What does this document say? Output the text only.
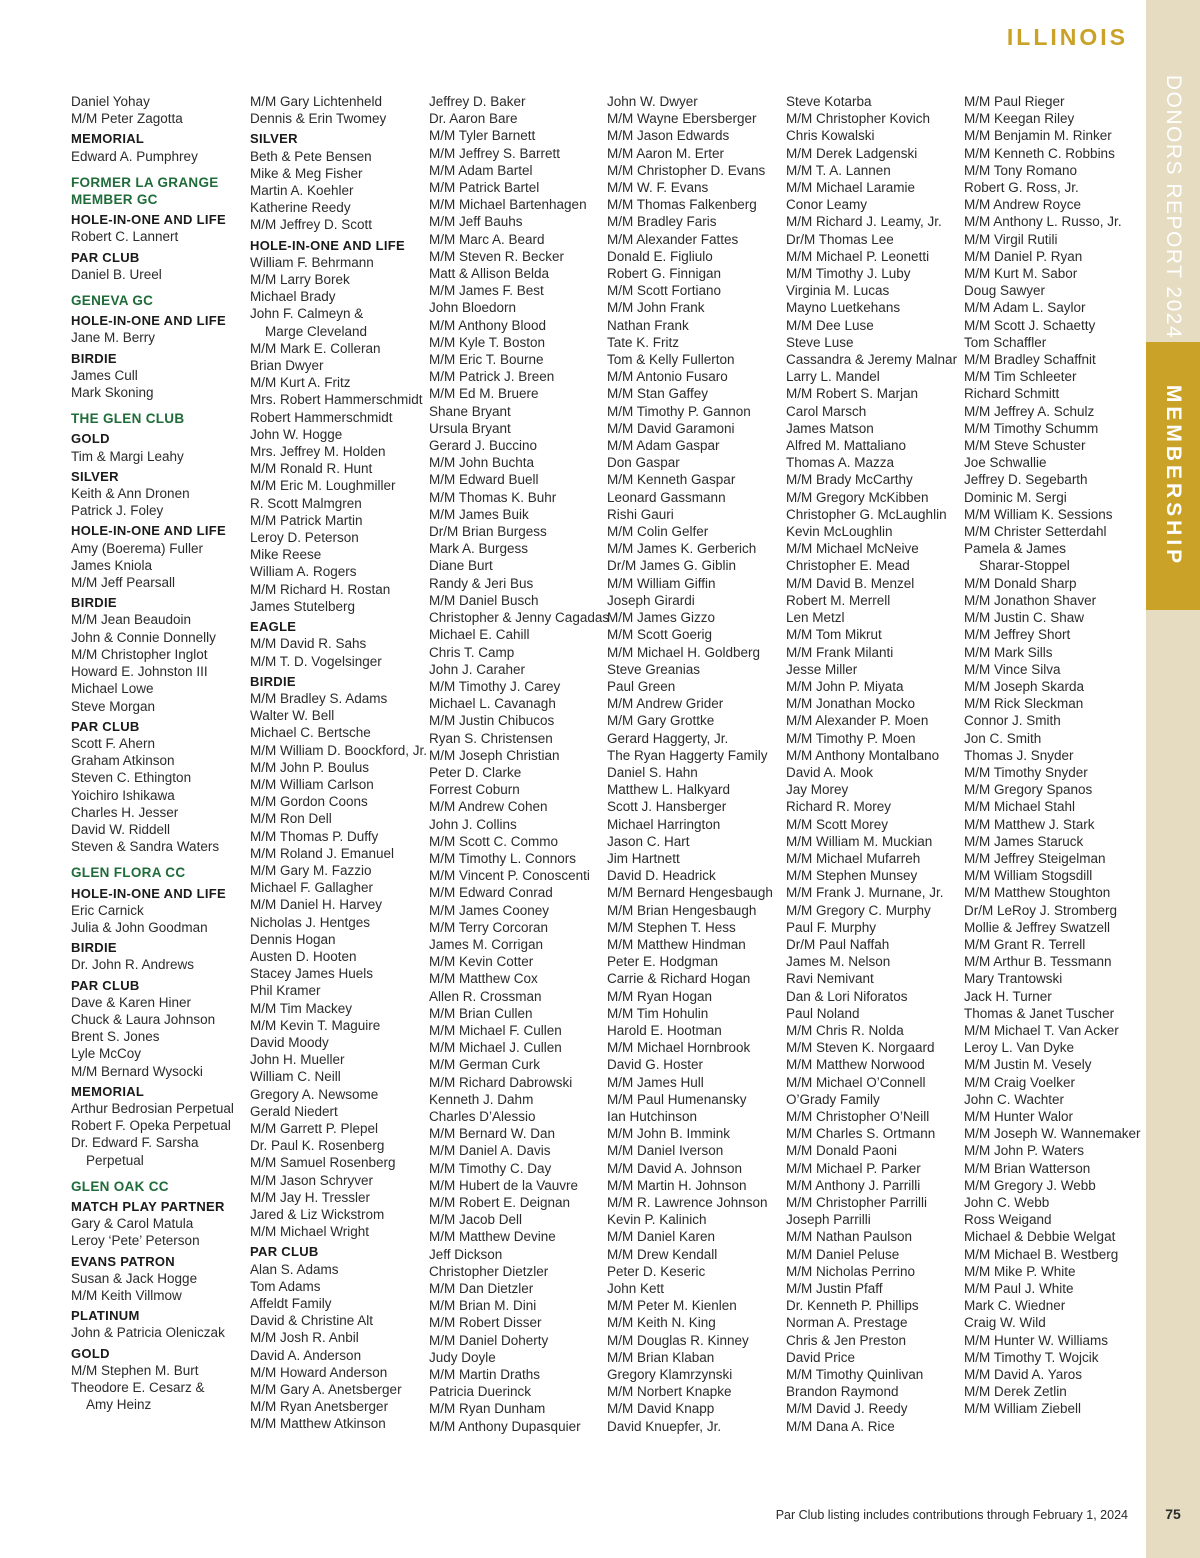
ILLINOIS
DONORS REPORT 2024
MEMBERSHIP
75
Daniel Yohay
M/M Peter Zagotta
MEMORIAL
Edward A. Pumphrey
FORMER LA GRANGE
MEMBER GC
HOLE-IN-ONE AND LIFE
Robert C. Lannert
PAR CLUB
Daniel B. Ureel
GENEVA GC
HOLE-IN-ONE AND LIFE
Jane M. Berry
BIRDIE
James Cull
Mark Skoning
THE GLEN CLUB
GOLD
Tim & Margi Leahy
SILVER
Keith & Ann Dronen
Patrick J. Foley
HOLE-IN-ONE AND LIFE
Amy (Boerema) Fuller
James Kniola
M/M Jeff Pearsall
BIRDIE
M/M Jean Beaudoin
John & Connie Donnelly
M/M Christopher Inglot
Howard E. Johnston III
Michael Lowe
Steve Morgan
PAR CLUB
Scott F. Ahern
Graham Atkinson
Steven C. Ethington
Yoichiro Ishikawa
Charles H. Jesser
David W. Riddell
Steven & Sandra Waters
GLEN FLORA CC
HOLE-IN-ONE AND LIFE
Eric Carnick
Julia & John Goodman
BIRDIE
Dr. John R. Andrews
PAR CLUB
Dave & Karen Hiner
Chuck & Laura Johnson
Brent S. Jones
Lyle McCoy
M/M Bernard Wysocki
MEMORIAL
Arthur Bedrosian Perpetual
Robert F. Opeka Perpetual
Dr. Edward F. Sarsha
Perpetual
GLEN OAK CC
MATCH PLAY PARTNER
Gary & Carol Matula
Leroy ‘Pete’ Peterson
EVANS PATRON
Susan & Jack Hogge
M/M Keith Villmow
PLATINUM
John & Patricia Oleniczak
GOLD
M/M Stephen M. Burt
Theodore E. Cesarz &
Amy Heinz
M/M Gary Lichtenheld
Dennis & Erin Twomey
SILVER
Beth & Pete Bensen
Mike & Meg Fisher
Martin A. Koehler
Katherine Reedy
M/M Jeffrey D. Scott
HOLE-IN-ONE AND LIFE
William F. Behrmann
M/M Larry Borek
Michael Brady
John F. Calmeyn &
Marge Cleveland
M/M Mark E. Colleran
Brian Dwyer
M/M Kurt A. Fritz
Mrs. Robert Hammerschmidt
Robert Hammerschmidt
John W. Hogge
Mrs. Jeffrey M. Holden
M/M Ronald R. Hunt
M/M Eric M. Loughmiller
R. Scott Malmgren
M/M Patrick Martin
Leroy D. Peterson
Mike Reese
William A. Rogers
M/M Richard H. Rostan
James Stutelberg
EAGLE
M/M David R. Sahs
M/M T. D. Vogelsinger
BIRDIE
M/M Bradley S. Adams
Walter W. Bell
Michael C. Bertsche
M/M William D. Boockford, Jr.
M/M John P. Boulus
M/M William Carlson
M/M Gordon Coons
M/M Ron Dell
M/M Thomas P. Duffy
M/M Roland J. Emanuel
M/M Gary M. Fazzio
Michael F. Gallagher
M/M Daniel H. Harvey
Nicholas J. Hentges
Dennis Hogan
Austen D. Hooten
Stacey James Huels
Phil Kramer
M/M Tim Mackey
M/M Kevin T. Maguire
David Moody
John H. Mueller
William C. Neill
Gregory A. Newsome
Gerald Niedert
M/M Garrett P. Plepel
Dr. Paul K. Rosenberg
M/M Samuel Rosenberg
M/M Jason Schryver
M/M Jay H. Tressler
Jared & Liz Wickstrom
M/M Michael Wright
PAR CLUB
Alan S. Adams
Tom Adams
Affeldt Family
David & Christine Alt
M/M Josh R. Anbil
David A. Anderson
M/M Howard Anderson
M/M Gary A. Anetsberger
M/M Ryan Anetsberger
M/M Matthew Atkinson
Jeffrey D. Baker
Dr. Aaron Bare
M/M Tyler Barnett
M/M Jeffrey S. Barrett
M/M Adam Bartel
M/M Patrick Bartel
M/M Michael Bartenhagen
M/M Jeff Bauhs
M/M Marc A. Beard
M/M Steven R. Becker
Matt & Allison Belda
M/M James F. Best
John Bloedorn
M/M Anthony Blood
M/M Kyle T. Boston
M/M Eric T. Bourne
M/M Patrick J. Breen
M/M Ed M. Bruere
Shane Bryant
Ursula Bryant
Gerard J. Buccino
M/M John Buchta
M/M Edward Buell
M/M Thomas K. Buhr
M/M James Buik
Dr/M Brian Burgess
Mark A. Burgess
Diane Burt
Randy & Jeri Bus
M/M Daniel Busch
Christopher & Jenny Cagadas
Michael E. Cahill
Chris T. Camp
John J. Caraher
M/M Timothy J. Carey
Michael L. Cavanagh
M/M Justin Chibucos
Ryan S. Christensen
M/M Joseph Christian
Peter D. Clarke
Forrest Coburn
M/M Andrew Cohen
John J. Collins
M/M Scott C. Commo
M/M Timothy L. Connors
M/M Vincent P. Conoscenti
M/M Edward Conrad
M/M James Cooney
M/M Terry Corcoran
James M. Corrigan
M/M Kevin Cotter
M/M Matthew Cox
Allen R. Crossman
M/M Brian Cullen
M/M Michael F. Cullen
M/M Michael J. Cullen
M/M German Curk
M/M Richard Dabrowski
Kenneth J. Dahm
Charles D’Alessio
M/M Bernard W. Dan
M/M Daniel A. Davis
M/M Timothy C. Day
M/M Hubert de la Vauvre
M/M Robert E. Deignan
M/M Jacob Dell
M/M Matthew Devine
Jeff Dickson
Christopher Dietzler
M/M Dan Dietzler
M/M Brian M. Dini
M/M Robert Disser
M/M Daniel Doherty
Judy Doyle
M/M Martin Draths
Patricia Duerinck
M/M Ryan Dunham
M/M Anthony Dupasquier
John W. Dwyer
M/M Wayne Ebersberger
M/M Jason Edwards
M/M Aaron M. Erter
M/M Christopher D. Evans
M/M W. F. Evans
M/M Thomas Falkenberg
M/M Bradley Faris
M/M Alexander Fattes
Donald E. Figliulo
Robert G. Finnigan
M/M Scott Fortiano
M/M John Frank
Nathan Frank
Tate K. Fritz
Tom & Kelly Fullerton
M/M Antonio Fusaro
M/M Stan Gaffey
M/M Timothy P. Gannon
M/M David Garamoni
M/M Adam Gaspar
Don Gaspar
M/M Kenneth Gaspar
Leonard Gassmann
Rishi Gauri
M/M Colin Gelfer
M/M James K. Gerberich
Dr/M James G. Giblin
M/M William Giffin
Joseph Girardi
M/M James Gizzo
M/M Scott Goerig
M/M Michael H. Goldberg
Steve Greanias
Paul Green
M/M Andrew Grider
M/M Gary Grottke
Gerard Haggerty, Jr.
The Ryan Haggerty Family
Daniel S. Hahn
Matthew L. Halkyard
Scott J. Hansberger
Michael Harrington
Jason C. Hart
Jim Hartnett
David D. Headrick
M/M Bernard Hengesbaugh
M/M Brian Hengesbaugh
M/M Stephen T. Hess
M/M Matthew Hindman
Peter E. Hodgman
Carrie & Richard Hogan
M/M Ryan Hogan
M/M Tim Hohulin
Harold E. Hootman
M/M Michael Hornbrook
David G. Hoster
M/M James Hull
M/M Paul Humenansky
Ian Hutchinson
M/M John B. Immink
M/M Daniel Iverson
M/M David A. Johnson
M/M Martin H. Johnson
M/M R. Lawrence Johnson
Kevin P. Kalinich
M/M Daniel Karen
M/M Drew Kendall
Peter D. Keseric
John Kett
M/M Peter M. Kienlen
M/M Keith N. King
M/M Douglas R. Kinney
M/M Brian Klaban
Gregory Klamrzynski
M/M Norbert Knapke
M/M David Knapp
David Knuepfer, Jr.
Steve Kotarba
M/M Christopher Kovich
Chris Kowalski
M/M Derek Ladgenski
M/M T. A. Lannen
M/M Michael Laramie
Conor Leamy
M/M Richard J. Leamy, Jr.
Dr/M Thomas Lee
M/M Michael P. Leonetti
M/M Timothy J. Luby
Virginia M. Lucas
Mayno Luetkehans
M/M Dee Luse
Steve Luse
Cassandra & Jeremy Malnar
Larry L. Mandel
M/M Robert S. Marjan
Carol Marsch
James Matson
Alfred M. Mattaliano
Thomas A. Mazza
M/M Brady McCarthy
M/M Gregory McKibben
Christopher G. McLaughlin
Kevin McLoughlin
M/M Michael McNeive
Christopher E. Mead
M/M David B. Menzel
Robert M. Merrell
Len Metzl
M/M Tom Mikrut
M/M Frank Milanti
Jesse Miller
M/M John P. Miyata
M/M Jonathan Mocko
M/M Alexander P. Moen
M/M Timothy P. Moen
M/M Anthony Montalbano
David A. Mook
Jay Morey
Richard R. Morey
M/M Scott Morey
M/M William M. Muckian
M/M Michael Mufarreh
M/M Stephen Munsey
M/M Frank J. Murnane, Jr.
M/M Gregory C. Murphy
Paul F. Murphy
Dr/M Paul Naffah
James M. Nelson
Ravi Nemivant
Dan & Lori Niforatos
Paul Noland
M/M Chris R. Nolda
M/M Steven K. Norgaard
M/M Matthew Norwood
M/M Michael O’Connell
O’Grady Family
M/M Christopher O’Neill
M/M Charles S. Ortmann
M/M Donald Paoni
M/M Michael P. Parker
M/M Anthony J. Parrilli
M/M Christopher Parrilli
Joseph Parrilli
M/M Nathan Paulson
M/M Daniel Peluse
M/M Nicholas Perrino
M/M Justin Pfaff
Dr. Kenneth P. Phillips
Norman A. Prestage
Chris & Jen Preston
David Price
M/M Timothy Quinlivan
Brandon Raymond
M/M David J. Reedy
M/M Dana A. Rice
M/M Paul Rieger
M/M Keegan Riley
M/M Benjamin M. Rinker
M/M Kenneth C. Robbins
M/M Tony Romano
Robert G. Ross, Jr.
M/M Andrew Royce
M/M Anthony L. Russo, Jr.
M/M Virgil Rutili
M/M Daniel P. Ryan
M/M Kurt M. Sabor
Doug Sawyer
M/M Adam L. Saylor
M/M Scott J. Schaetty
Tom Schaffler
M/M Bradley Schaffnit
M/M Tim Schleeter
Richard Schmitt
M/M Jeffrey A. Schulz
M/M Timothy Schumm
M/M Steve Schuster
Joe Schwallie
Jeffrey D. Segebarth
Dominic M. Sergi
M/M William K. Sessions
M/M Christer Setterdahl
Pamela & James
Sharar-Stoppel
M/M Donald Sharp
M/M Jonathon Shaver
M/M Justin C. Shaw
M/M Jeffrey Short
M/M Mark Sills
M/M Vince Silva
M/M Joseph Skarda
M/M Rick Sleckman
Connor J. Smith
Jon C. Smith
Thomas J. Snyder
M/M Timothy Snyder
M/M Gregory Spanos
M/M Michael Stahl
M/M Matthew J. Stark
M/M James Staruck
M/M Jeffrey Steigelman
M/M William Stogsdill
M/M Matthew Stoughton
Dr/M LeRoy J. Stromberg
Mollie & Jeffrey Swatzell
M/M Grant R. Terrell
M/M Arthur B. Tessmann
Mary Trantowski
Jack H. Turner
Thomas & Janet Tuscher
M/M Michael T. Van Acker
Leroy L. Van Dyke
M/M Justin M. Vesely
M/M Craig Voelker
John C. Wachter
M/M Hunter Walor
M/M Joseph W. Wannemaker
M/M John P. Waters
M/M Brian Watterson
M/M Gregory J. Webb
John C. Webb
Ross Weigand
Michael & Debbie Welgat
M/M Michael B. Westberg
M/M Mike P. White
M/M Paul J. White
Mark C. Wiedner
Craig W. Wild
M/M Hunter W. Williams
M/M Timothy T. Wojcik
M/M David A. Yaros
M/M Derek Zetlin
M/M William Ziebell
Par Club listing includes contributions through February 1, 2024
